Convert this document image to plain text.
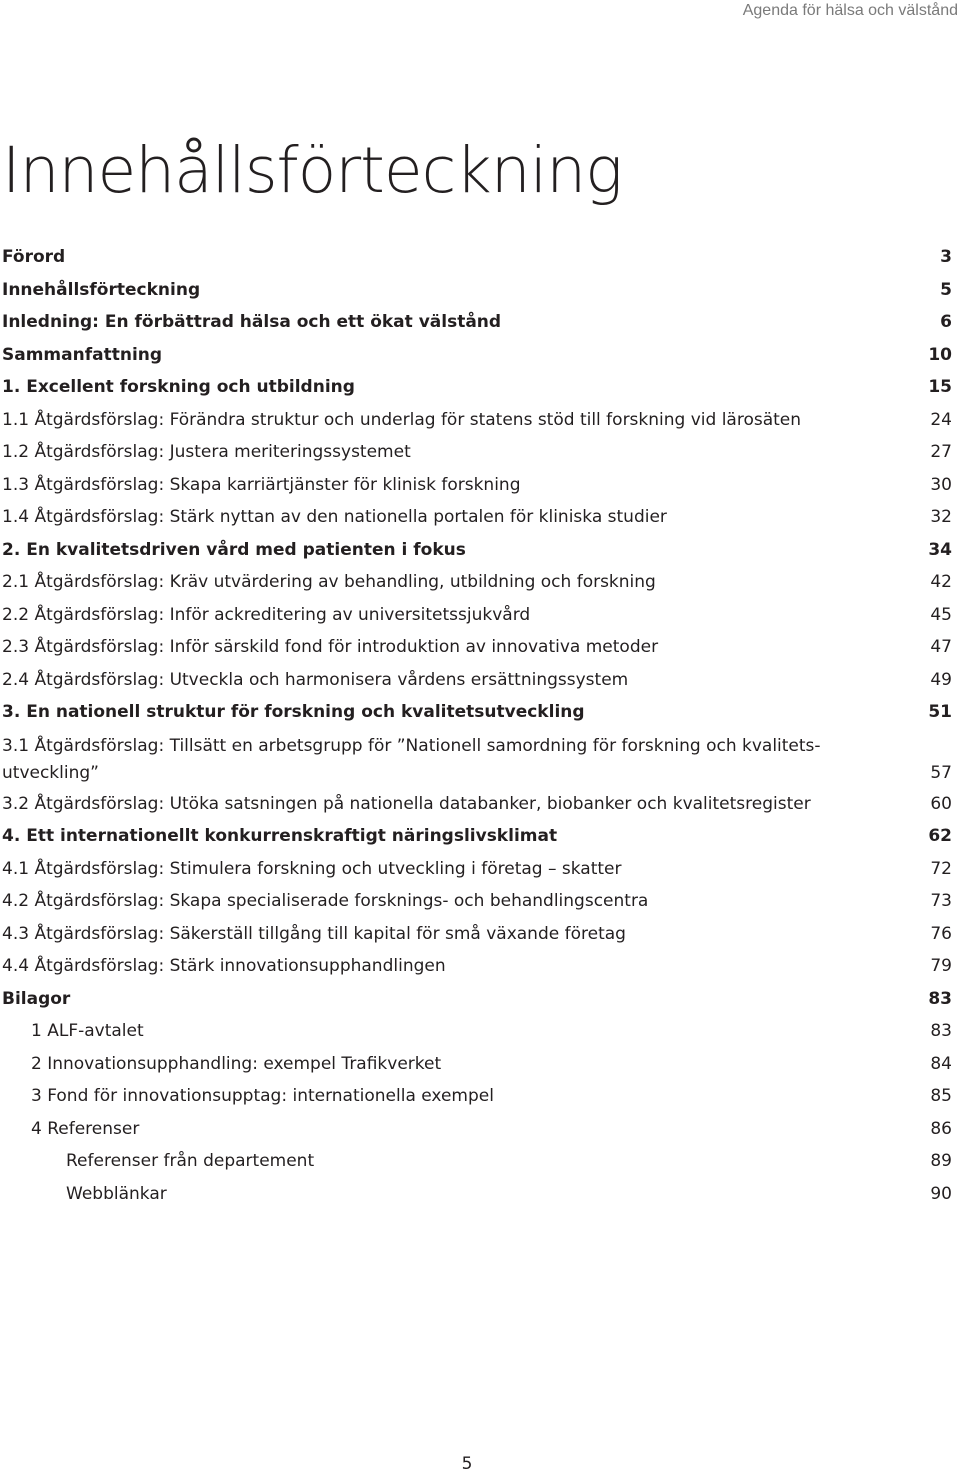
Agenda för hälsa och välstånd
Innehållsförteckning
Förord	3
Innehållsförteckning	5
Inledning: En förbättrad hälsa och ett ökat välstånd	6
Sammanfattning	10
1. Excellent forskning och utbildning	15
1.1 Åtgärdsförslag: Förändra struktur och underlag för statens stöd till forskning vid lärosäten	24
1.2 Åtgärdsförslag: Justera meriteringssystemet	27
1.3 Åtgärdsförslag: Skapa karriärtjänster för klinisk forskning	30
1.4 Åtgärdsförslag: Stärk nyttan av den nationella portalen för kliniska studier	32
2. En kvalitetsdriven vård med patienten i fokus	34
2.1 Åtgärdsförslag: Kräv utvärdering av behandling, utbildning och forskning	42
2.2 Åtgärdsförslag: Inför ackreditering av universitetssjukvård	45
2.3 Åtgärdsförslag: Inför särskild fond för introduktion av innovativa metoder	47
2.4 Åtgärdsförslag: Utveckla och harmonisera vårdens ersättningssystem	49
3. En nationell struktur för forskning och kvalitetsutveckling	51
3.1 Åtgärdsförslag: Tillsätt en arbetsgrupp för ”Nationell samordning för forskning och kvalitets-utveckling”	57
3.2 Åtgärdsförslag: Utöka satsningen på nationella databanker, biobanker och kvalitetsregister	60
4. Ett internationellt konkurrenskraftigt näringslivsklimat	62
4.1 Åtgärdsförslag: Stimulera forskning och utveckling i företag – skatter	72
4.2 Åtgärdsförslag: Skapa specialiserade forsknings- och behandlingscentra	73
4.3 Åtgärdsförslag: Säkerställ tillgång till kapital för små växande företag	76
4.4 Åtgärdsförslag: Stärk innovationsupphandlingen	79
Bilagor	83
1 ALF-avtalet	83
2 Innovationsupphandling: exempel Trafikverket	84
3 Fond för innovationsupptag: internationella exempel	85
4 Referenser	86
Referenser från departement	89
Webblänkar	90
5
